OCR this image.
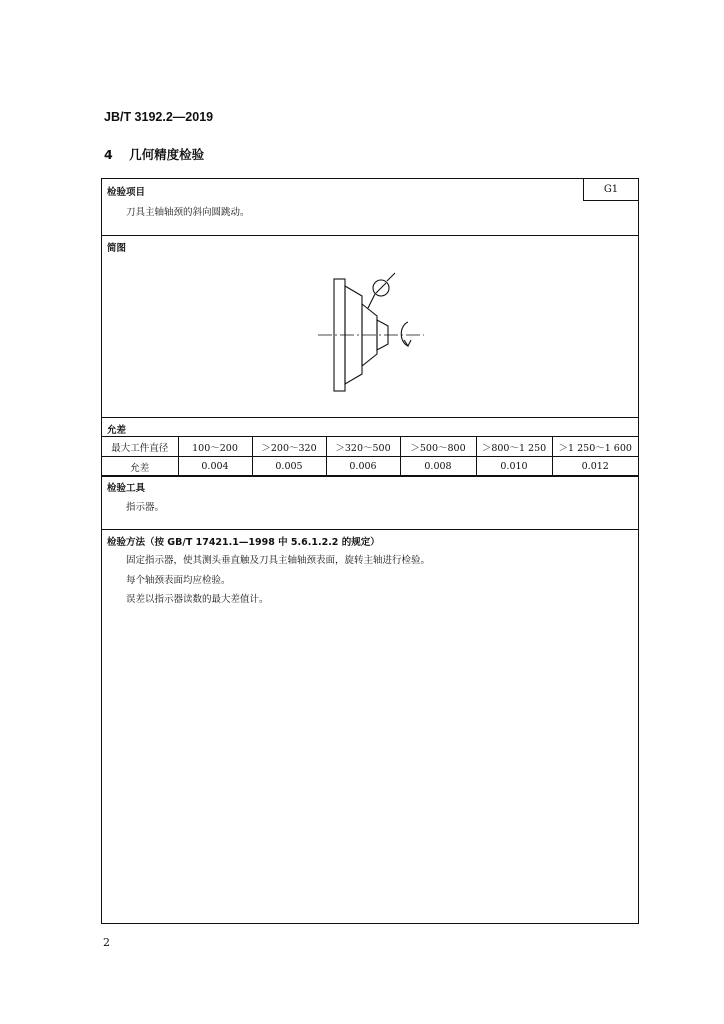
JB/T 3192.2—2019
4 几何精度检验
检验项目	G1
刀具主轴轴颈的斜向圆跳动。
简图
允差
最大工件直径	100～200	＞200～320	＞320～500	＞500～800	＞800～1 250	＞1 250～1 600
允差	0.004	0.005	0.006	0.008	0.010	0.012
检验工具
指示器。
检验方法（按 GB/T 17421.1—1998 中 5.6.1.2.2 的规定）
固定指示器，使其测头垂直触及刀具主轴轴颈表面，旋转主轴进行检验。
每个轴颈表面均应检验。
误差以指示器读数的最大差值计。
2
